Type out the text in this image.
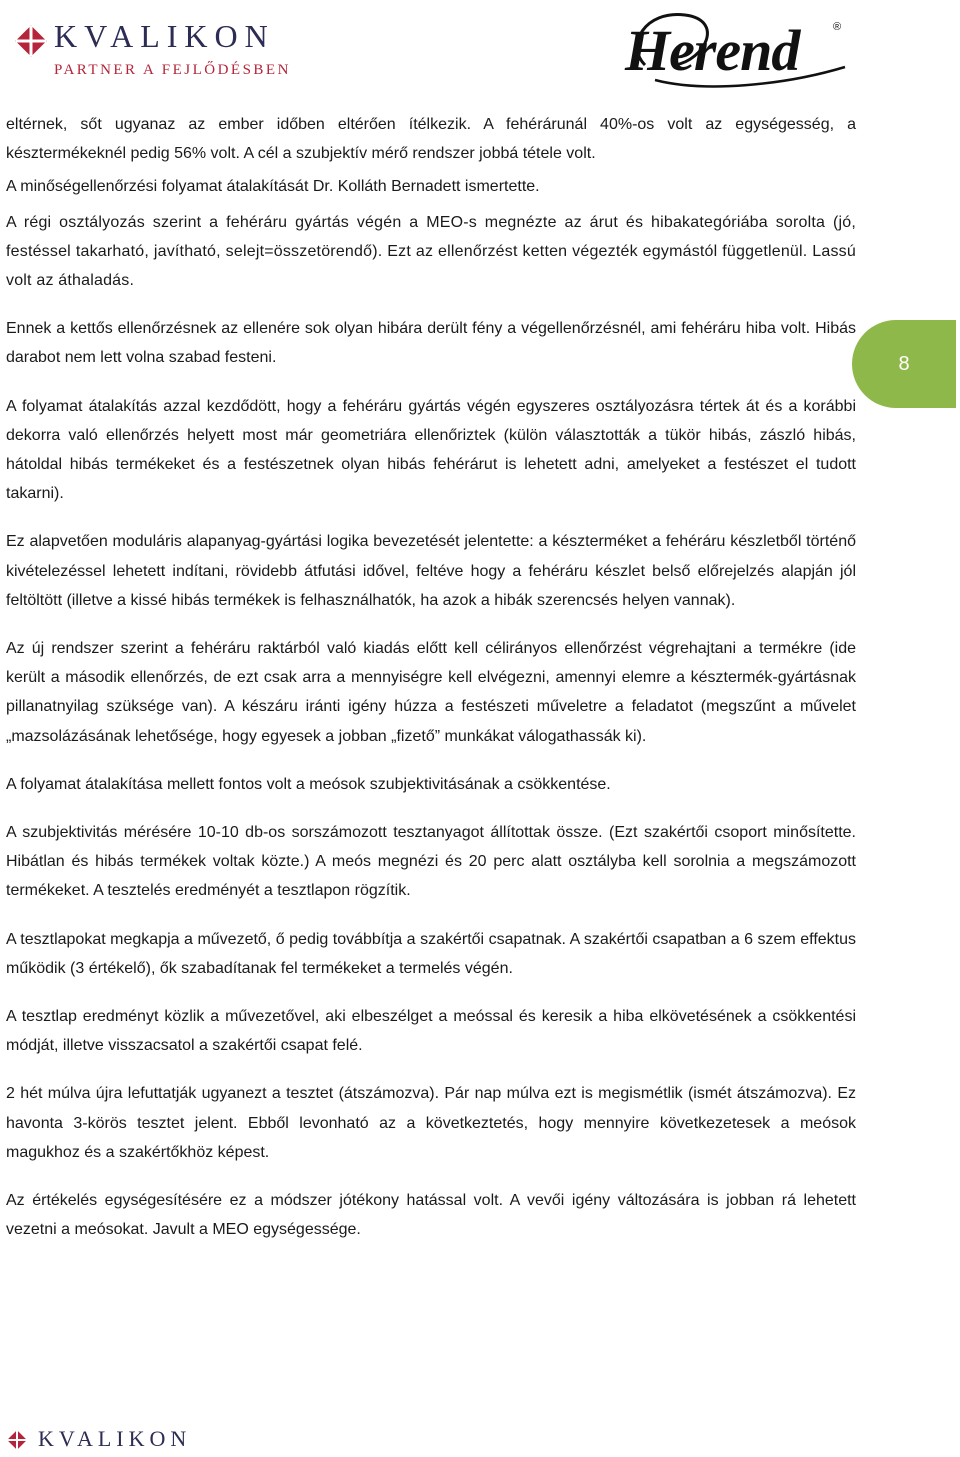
KVALIKON
PARTNER A FEJLŐDÉSBEN	Herend	®

eltérnek, sőt ugyanaz az ember időben eltérően ítélkezik. A fehérárunál 40%-os volt az egységesség, a késztermékeknél pedig 56% volt. A cél a szubjektív mérő rendszer jobbá tétele volt.

A minőségellenőrzési folyamat átalakítását Dr. Kolláth Bernadett ismertette.

A régi osztályozás szerint a fehéráru gyártás végén a MEO-s megnézte az árut és hibakategóriába sorolta (jó, festéssel takarható, javítható, selejt=összetörendő). Ezt az ellenőrzést ketten végezték egymástól függetlenül. Lassú volt az áthaladás.

Ennek a kettős ellenőrzésnek az ellenére sok olyan hibára derült fény a végellenőrzésnél, ami fehéráru hiba volt. Hibás darabot nem lett volna szabad festeni.

A folyamat átalakítás azzal kezdődött, hogy a fehéráru gyártás végén egyszeres osztályozásra tértek át és a korábbi dekorra való ellenőrzés helyett most már geometriára ellenőriztek (külön választották a tükör hibás, zászló hibás, hátoldal hibás termékeket és a festészetnek olyan hibás fehérárut is lehetett adni, amelyeket a festészet el tudott takarni).

Ez alapvetően moduláris alapanyag-gyártási logika bevezetését jelentette: a készterméket a fehéráru készletből történő kivételezéssel lehetett indítani, rövidebb átfutási idővel, feltéve hogy a fehéráru készlet belső előrejelzés alapján jól feltöltött (illetve a kissé hibás termékek is felhasználhatók, ha azok a hibák szerencsés helyen vannak).

Az új rendszer szerint a fehéráru raktárból való kiadás előtt kell célirányos ellenőrzést végrehajtani a termékre (ide került a második ellenőrzés, de ezt csak arra a mennyiségre kell elvégezni, amennyi elemre a késztermék-gyártásnak pillanatnyilag szüksége van). A készáru iránti igény húzza a festészeti műveletre a feladatot (megszűnt a művelet „mazsolázásának lehetősége, hogy egyesek a jobban „fizető” munkákat válogathassák ki).

A folyamat átalakítása mellett fontos volt a meósok szubjektivitásának a csökkentése.

A szubjektivitás mérésére 10-10 db-os sorszámozott tesztanyagot állítottak össze. (Ezt szakértői csoport minősítette. Hibátlan és hibás termékek voltak közte.) A meós megnézi és 20 perc alatt osztályba kell sorolnia a megszámozott termékeket. A tesztelés eredményét a tesztlapon rögzítik.

A tesztlapokat megkapja a művezető, ő pedig továbbítja a szakértői csapatnak. A szakértői csapatban a 6 szem effektus működik (3 értékelő), ők szabadítanak fel termékeket a termelés végén.

A tesztlap eredményt közlik a művezetővel, aki elbeszélget a meóssal és keresik a hiba elkövetésének a csökkentési módját, illetve visszacsatol a szakértői csapat felé.

2 hét múlva újra lefuttatják ugyanezt a tesztet (átszámozva). Pár nap múlva ezt is megismétlik (ismét átszámozva). Ez havonta 3-körös tesztet jelent. Ebből levonható az a következtetés, hogy mennyire következetesek a meósok magukhoz és a szakértőkhöz képest.

Az értékelés egységesítésére ez a módszer jótékony hatással volt. A vevői igény változására is jobban rá lehetett vezetni a meósokat. Javult a MEO egységessége.

8
KVALIKON
